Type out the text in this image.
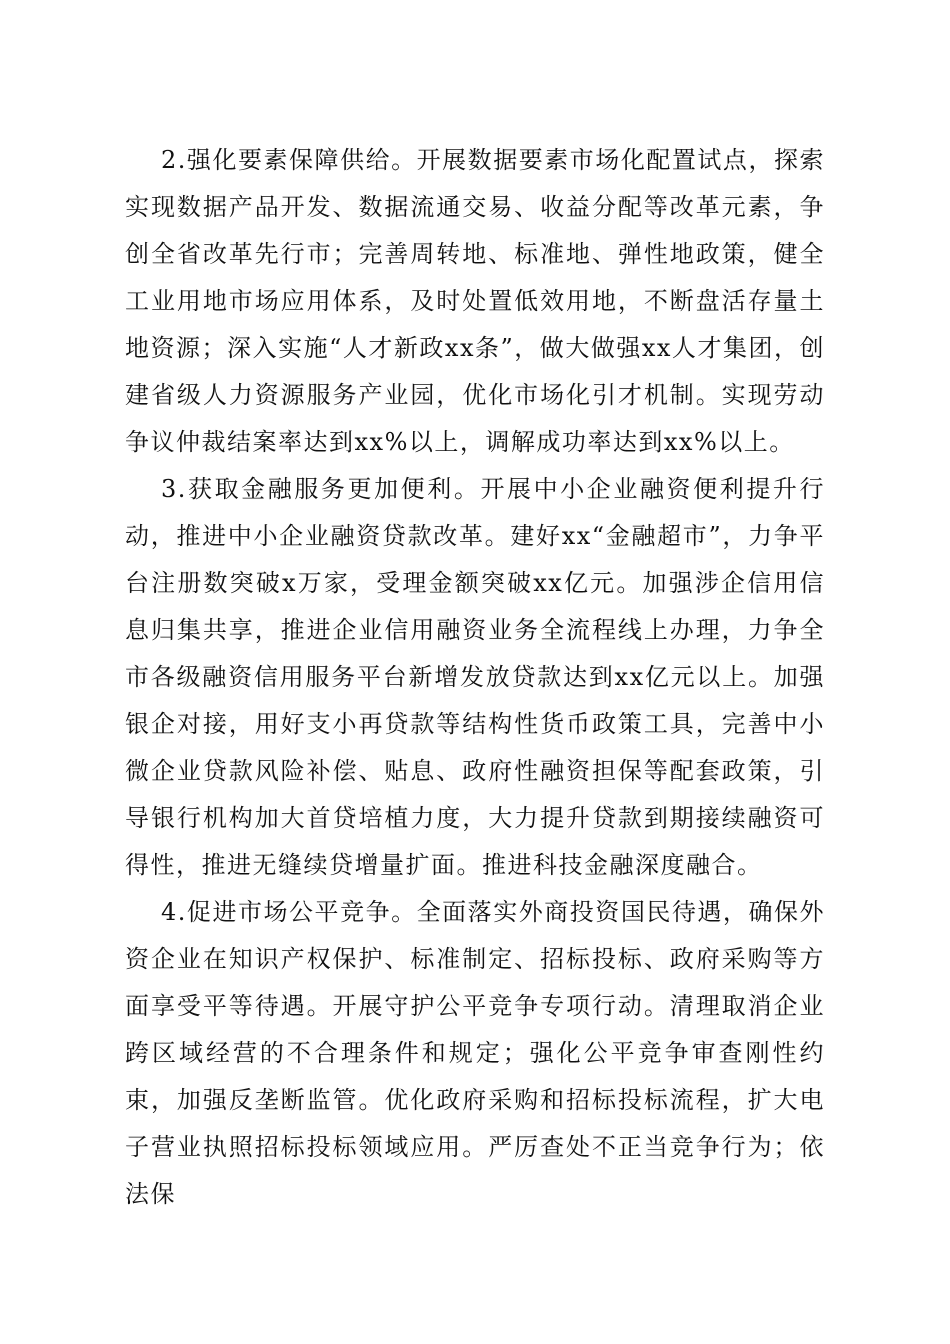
2.强化要素保障供给。开展数据要素市场化配置试点，探索实现数据产品开发、数据流通交易、收益分配等改革元素，争创全省改革先行市；完善周转地、标准地、弹性地政策，健全工业用地市场应用体系，及时处置低效用地，不断盘活存量土地资源；深入实施“人才新政xx条”，做大做强xx人才集团，创建省级人力资源服务产业园，优化市场化引才机制。实现劳动争议仲裁结案率达到xx%以上，调解成功率达到xx%以上。

3.获取金融服务更加便利。开展中小企业融资便利提升行动，推进中小企业融资贷款改革。建好xx“金融超市”，力争平台注册数突破x万家，受理金额突破xx亿元。加强涉企信用信息归集共享，推进企业信用融资业务全流程线上办理，力争全市各级融资信用服务平台新增发放贷款达到xx亿元以上。加强银企对接，用好支小再贷款等结构性货币政策工具，完善中小微企业贷款风险补偿、贴息、政府性融资担保等配套政策，引导银行机构加大首贷培植力度，大力提升贷款到期接续融资可得性，推进无缝续贷增量扩面。推进科技金融深度融合。

4.促进市场公平竞争。全面落实外商投资国民待遇，确保外资企业在知识产权保护、标准制定、招标投标、政府采购等方面享受平等待遇。开展守护公平竞争专项行动。清理取消企业跨区域经营的不合理条件和规定；强化公平竞争审查刚性约束，加强反垄断监管。优化政府采购和招标投标流程，扩大电子营业执照招标投标领域应用。严厉查处不正当竞争行为；依法保
